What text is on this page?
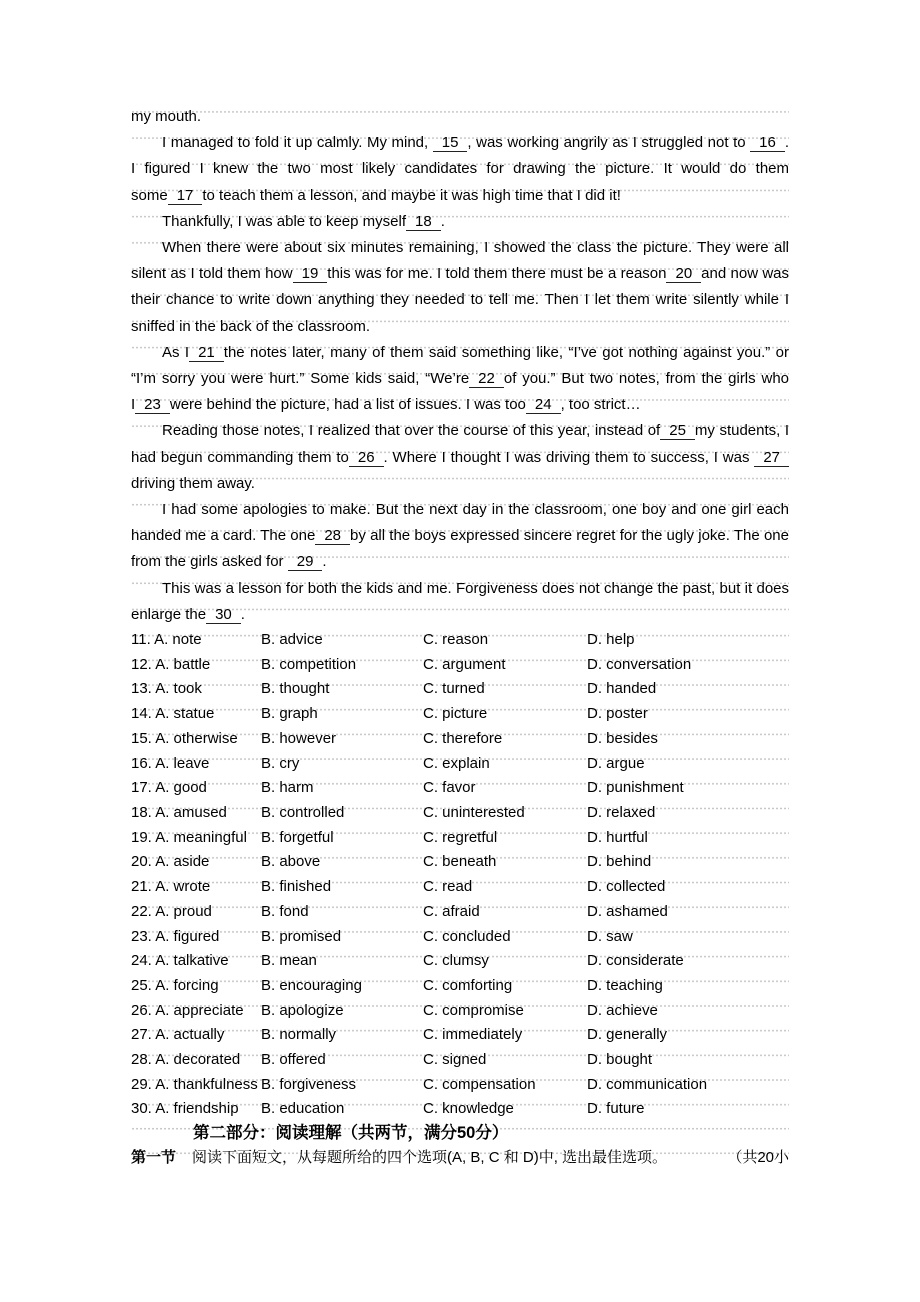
my mouth.

I managed to fold it up calmly. My mind, 15 , was working angrily as I struggled not to 16 . I figured I knew the two most likely candidates for drawing the picture. It would do them some 17 to teach them a lesson, and maybe it was high time that I did it!

Thankfully, I was able to keep myself 18 .

When there were about six minutes remaining, I showed the class the picture. They were all silent as I told them how 19 this was for me. I told them there must be a reason 20 and now was their chance to write down anything they needed to tell me. Then I let them write silently while I sniffed in the back of the classroom.

As I 21 the notes later, many of them said something like, “I’ve got nothing against you.” or “I’m sorry you were hurt.” Some kids said, “We’re 22 of you.” But two notes, from the girls who I 23 were behind the picture, had a list of issues. I was too 24 , too strict…

Reading those notes, I realized that over the course of this year, instead of 25 my students, I had begun commanding them to 26 . Where I thought I was driving them to success, I was 27 driving them away.

I had some apologies to make. But the next day in the classroom, one boy and one girl each handed me a card. The one 28 by all the boys expressed sincere regret for the ugly joke. The one from the girls asked for 29 .

This was a lesson for both the kids and me. Forgiveness does not change the past, but it does enlarge the 30 .

11. A. note	B. advice	C. reason	D. help
12. A. battle	B. competition	C. argument	D. conversation
13. A. took	B. thought	C. turned	D. handed
14. A. statue	B. graph	C. picture	D. poster
15. A. otherwise	B. however	C. therefore	D. besides
16. A. leave	B. cry	C. explain	D. argue
17. A. good	B. harm	C. favor	D. punishment
18. A. amused	B. controlled	C. uninterested	D. relaxed
19. A. meaningful B. forgetful	C. regretful	D. hurtful
20. A. aside	B. above	C. beneath	D. behind
21. A. wrote	B. finished	C. read	D. collected
22. A. proud	B. fond	C. afraid	D. ashamed
23. A. figured	B. promised	C. concluded	D. saw
24. A. talkative	B. mean	C. clumsy	D. considerate
25. A. forcing	B. encouraging	C. comforting	D. teaching
26. A. appreciate	B. apologize	C. compromise	D. achieve
27. A. actually	B. normally	C. immediately	D. generally
28. A. decorated	B. offered	C. signed	D. bought
29. A. thankfulness B. forgiveness	C. compensation	D. communication
30. A. friendship	B. education	C. knowledge	D. future
第二部分：阅读理解（共两节，满分50分）
第一节 阅读下面短文，从每题所给的四个选项(A, B, C 和 D)中, 选出最佳选项。	（共20小
